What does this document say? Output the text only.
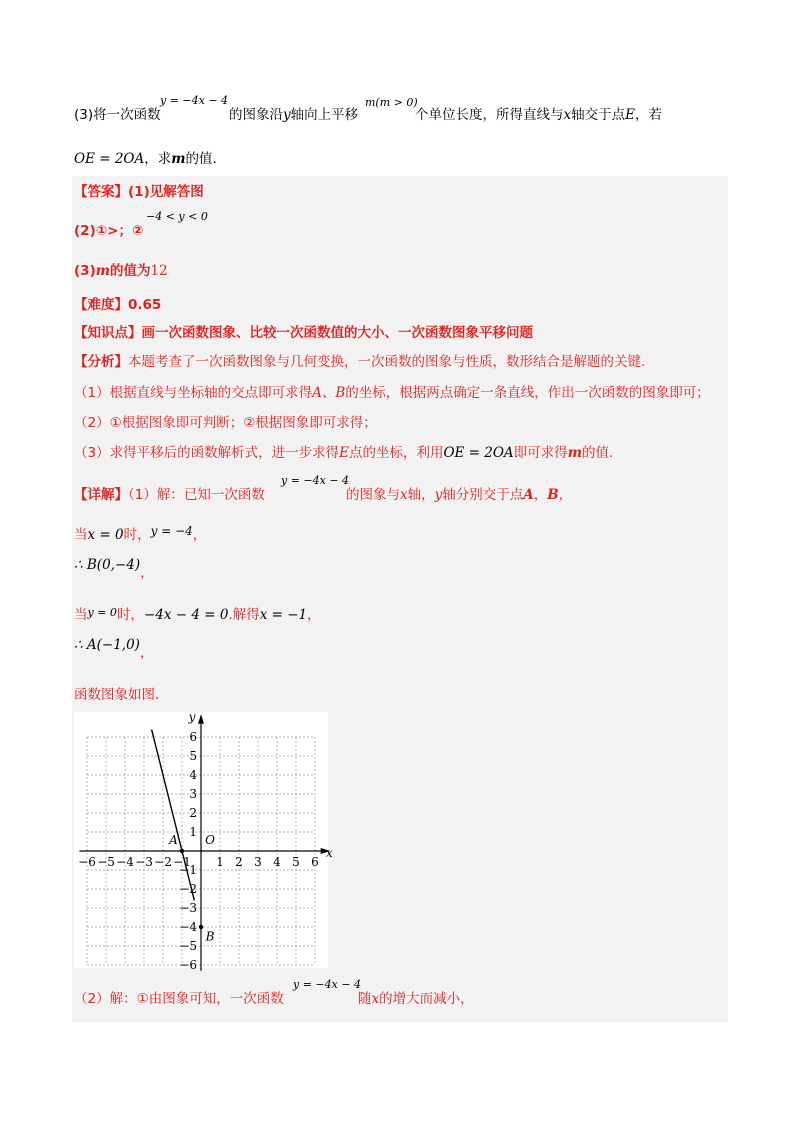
(3)将一次函数
y = −4x − 4
的图象沿y轴向上平移
m(m > 0)
个单位长度，所得直线与x轴交于点E，若
OE = 2OA，求m的值.
【答案】(1)见解答图
(2)①>；②
−4 < y < 0
(3)m的值为12
【难度】0.65
【知识点】画一次函数图象、比较一次函数值的大小、一次函数图象平移问题
【分析】本题考查了一次函数图象与几何变换，一次函数的图象与性质，数形结合是解题的关键.
（1）根据直线与坐标轴的交点即可求得A、B的坐标，根据两点确定一条直线，作出一次函数的图象即可；
（2）①根据图象即可判断；②根据图象即可求得；
（3）求得平移后的函数解析式，进一步求得E点的坐标，利用OE = 2OA即可求得m的值.
【详解】（1）解：已知一次函数
y = −4x − 4
的图象与x轴，y轴分别交于点A，B，
当x = 0时，y = −4，
∴ B(0,−4)，
当$^{y = 0}$时，−4x − 4 = 0.解得x = −1，
∴ A(−1,0)，
函数图象如图.
−6 −5 −4 −3 −2 −1 1 2 3 4 5 6
6
5
4
3
2
1
−1
−2
−3
−4
−5
−6
x
y
O
A
B
（2）解：①由图象可知，一次函数
y = −4x − 4
随x的增大而减小，
